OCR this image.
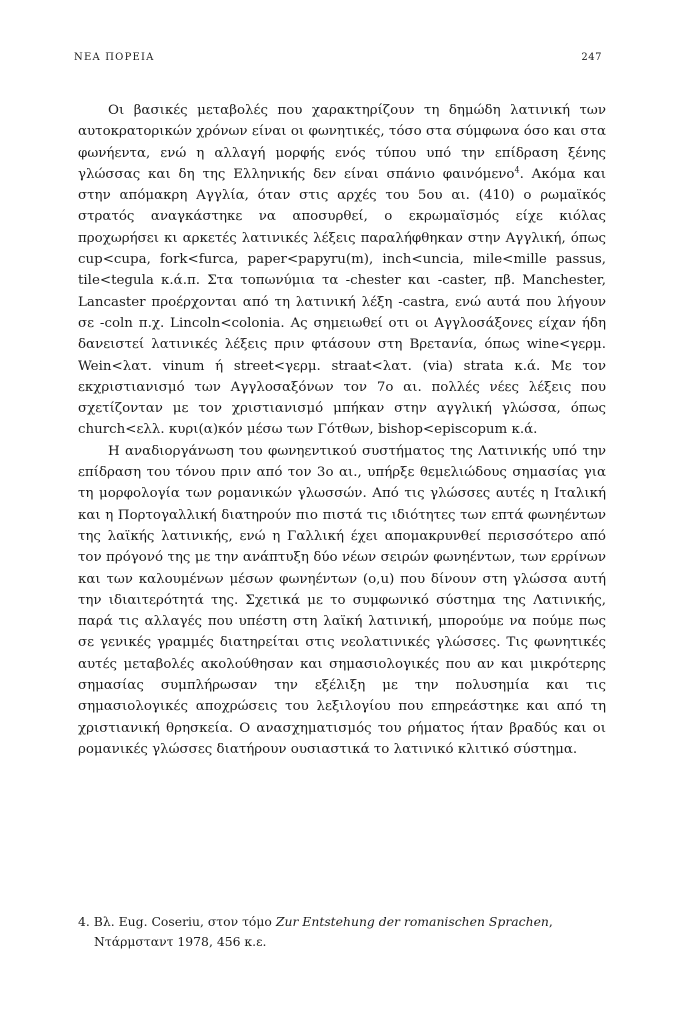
ΝΕΑ ΠΟΡΕΙΑ	247

Οι βασικές μεταβολές που χαρακτηρίζουν τη δημώδη λατινική των αυτοκρατορικών χρόνων είναι οι φωνητικές, τόσο στα σύμφωνα όσο και στα φωνήεντα, ενώ η αλλαγή μορφής ενός τύπου υπό την επίδραση ξένης γλώσσας και δη της Ελληνικής δεν είναι σπάνιο φαινόμενο$^4$. Ακόμα και στην απόμακρη Αγγλία, όταν στις αρχές του 5ου αι. (410) ο ρωμαϊκός στρατός αναγκάστηκε να αποσυρθεί, ο εκρωμαϊσμός είχε κιόλας προχωρήσει κι αρκετές λατινικές λέξεις παραλήφθηκαν στην Αγγλική, όπως cup<cupa, fork<furca, paper<papyru(m), inch<uncia, mile<mille passus, tile<tegula κ.ά.π. Στα τοπωνύμια τα -chester και -caster, πβ. Manchester, Lancaster προέρχονται από τη λατινική λέξη -castra, ενώ αυτά που λήγουν σε -coln π.χ. Lincoln<colonia. Ας σημειωθεί οτι οι Αγγλοσάξονες είχαν ήδη δανειστεί λατινικές λέξεις πριν φτάσουν στη Βρετανία, όπως wine<γερμ. Wein<λατ. vinum ή street<γερμ. straat<λατ. (via) strata κ.ά. Με τον εκχριστιανισμό των Αγγλοσαξόνων τον 7ο αι. πολλές νέες λέξεις που σχετίζονταν με τον χριστιανισμό μπήκαν στην αγγλική γλώσσα, όπως church<ελλ. κυρι(α)κόν μέσω των Γότθων, bishop<episcopum κ.ά.

Η αναδιοργάνωση του φωνηεντικού συστήματος της Λατινικής υπό την επίδραση του τόνου πριν από τον 3ο αι., υπήρξε θεμελιώδους σημασίας για τη μορφολογία των ρομανικών γλωσσών. Από τις γλώσσες αυτές η Ιταλική και η Πορτογαλλική διατηρούν πιο πιστά τις ιδιότητες των επτά φωνηέντων της λαϊκής λατινικής, ενώ η Γαλλική έχει απομακρυνθεί περισσότερο από τον πρόγονό της με την ανάπτυξη δύο νέων σειρών φωνηέντων, των ερρίνων και των καλουμένων μέσων φωνηέντων (o,u) που δίνουν στη γλώσσα αυτή την ιδιαιτερότητά της. Σχετικά με το συμφωνικό σύστημα της Λατινικής, παρά τις αλλαγές που υπέστη στη λαϊκή λατινική, μπορούμε να πούμε πως σε γενικές γραμμές διατηρείται στις νεολατινικές γλώσσες. Τις φωνητικές αυτές μεταβολές ακολούθησαν και σημασιολογικές που αν και μικρότερης σημασίας συμπλήρωσαν την εξέλιξη με την πολυσημία και τις σημασιολογικές αποχρώσεις του λεξιλογίου που επηρεάστηκε και από τη χριστιανική θρησκεία. Ο ανασχηματισμός του ρήματος ήταν βραδύς και οι ρομανικές γλώσσες διατήρουν ουσιαστικά το λατινικό κλιτικό σύστημα.

4. Βλ. Eug. Coseriu, στον τόμο Zur Entstehung der romanischen Sprachen, Ντάρμσταντ 1978, 456 κ.ε.
